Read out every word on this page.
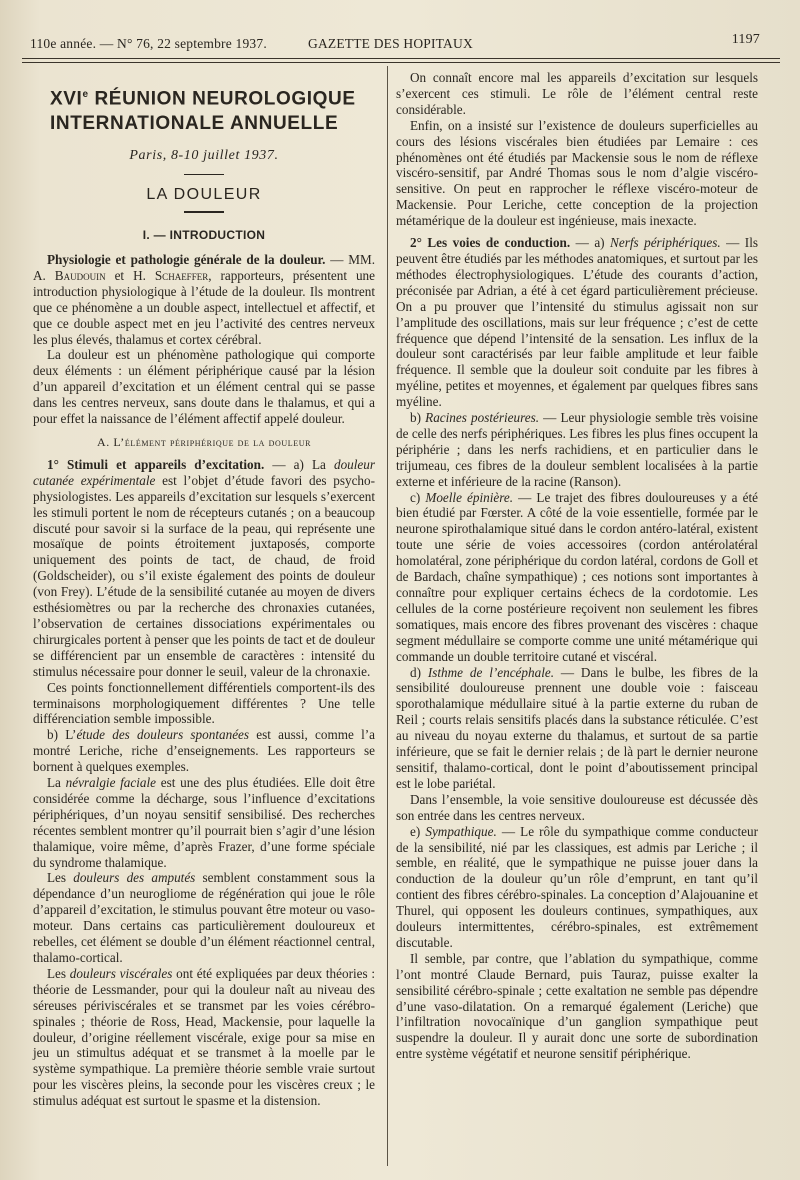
110e année. — N° 76, 22 septembre 1937.	GAZETTE DES HOPITAUX	1197
XVIe RÉUNION NEUROLOGIQUE
INTERNATIONALE ANNUELLE
Paris, 8-10 juillet 1937.
LA DOULEUR
I. — INTRODUCTION

Physiologie et pathologie générale de la douleur. — MM. A. Baudouin et H. Schaeffer, rapporteurs, présentent une introduction physiologique à l’étude de la douleur. Ils montrent que ce phénomène a un double aspect, intellectuel et affectif, et que ce double aspect met en jeu l’activité des centres nerveux les plus élevés, thalamus et cortex cérébral.

La douleur est un phénomène pathologique qui comporte deux éléments : un élément périphérique causé par la lésion d’un appareil d’excitation et un élément central qui se passe dans les centres nerveux, sans doute dans le thalamus, et qui a pour effet la naissance de l’élément affectif appelé douleur.

A. L’élément périphérique de la douleur

1° Stimuli et appareils d’excitation. — a) La douleur cutanée expérimentale est l’objet d’étude favori des psycho-physiologistes. Les appareils d’excitation sur lesquels s’exercent les stimuli portent le nom de récepteurs cutanés ; on a beaucoup discuté pour savoir si la surface de la peau, qui représente une mosaïque de points étroitement juxtaposés, comporte uniquement des points de tact, de chaud, de froid (Goldscheider), ou s’il existe également des points de douleur (von Frey). L’étude de la sensibilité cutanée au moyen de divers esthésiomètres ou par la recherche des chronaxies cutanées, l’observation de certaines dissociations expérimentales ou chirurgicales portent à penser que les points de tact et de douleur se différencient par un ensemble de caractères : intensité du stimulus nécessaire pour donner le seuil, valeur de la chronaxie.

Ces points fonctionnellement différentiels comportent-ils des terminaisons morphologiquement différentes ? Une telle différenciation semble impossible.

b) L’étude des douleurs spontanées est aussi, comme l’a montré Leriche, riche d’enseignements. Les rapporteurs se bornent à quelques exemples.

La névralgie faciale est une des plus étudiées. Elle doit être considérée comme la décharge, sous l’influence d’excitations périphériques, d’un noyau sensitif sensibilisé. Des recherches récentes semblent montrer qu’il pourrait bien s’agir d’une lésion thalamique, voire même, d’après Frazer, d’une forme spéciale du syndrome thalamique.

Les douleurs des amputés semblent constamment sous la dépendance d’un neurogliome de régénération qui joue le rôle d’appareil d’excitation, le stimulus pouvant être moteur ou vaso-moteur. Dans certains cas particulièrement douloureux et rebelles, cet élément se double d’un élément réactionnel central, thalamo-cortical.

Les douleurs viscérales ont été expliquées par deux théories : théorie de Lessmander, pour qui la douleur naît au niveau des séreuses périviscérales et se transmet par les voies cérébro-spinales ; théorie de Ross, Head, Mackensie, pour laquelle la douleur, d’origine réellement viscérale, exige pour sa mise en jeu un stimultus adéquat et se transmet à la moelle par le système sympathique. La première théorie semble vraie surtout pour les viscères pleins, la seconde pour les viscères creux ; le stimulus adéquat est surtout le spasme et la distension.

On connaît encore mal les appareils d’excitation sur lesquels s’exercent ces stimuli. Le rôle de l’élément central reste considérable.

Enfin, on a insisté sur l’existence de douleurs superficielles au cours des lésions viscérales bien étudiées par Lemaire : ces phénomènes ont été étudiés par Mackensie sous le nom de réflexe viscéro-sensitif, par André Thomas sous le nom d’algie viscéro-sensitive. On peut en rapprocher le réflexe viscéro-moteur de Mackensie. Pour Leriche, cette conception de la projection métamérique de la douleur est ingénieuse, mais inexacte.

2° Les voies de conduction. — a) Nerfs périphériques. — Ils peuvent être étudiés par les méthodes anatomiques, et surtout par les méthodes électrophysiologiques. L’étude des courants d’action, préconisée par Adrian, a été à cet égard particulièrement précieuse. On a pu prouver que l’intensité du stimulus agissait non sur l’amplitude des oscillations, mais sur leur fréquence ; c’est de cette fréquence que dépend l’intensité de la sensation. Les influx de la douleur sont caractérisés par leur faible amplitude et leur faible fréquence. Il semble que la douleur soit conduite par les fibres à myéline, petites et moyennes, et également par quelques fibres sans myéline.

b) Racines postérieures. — Leur physiologie semble très voisine de celle des nerfs périphériques. Les fibres les plus fines occupent la périphérie ; dans les nerfs rachidiens, et en particulier dans le trijumeau, ces fibres de la douleur semblent localisées à la partie externe et inférieure de la racine (Ranson).

c) Moelle épinière. — Le trajet des fibres douloureuses y a été bien étudié par Fœrster. A côté de la voie essentielle, formée par le neurone spirothalamique situé dans le cordon antéro-latéral, existent toute une série de voies accessoires (cordon antérolatéral homolatéral, zone périphérique du cordon latéral, cordons de Goll et de Bardach, chaîne sympathique) ; ces notions sont importantes à connaître pour expliquer certains échecs de la cordotomie. Les cellules de la corne postérieure reçoivent non seulement les fibres somatiques, mais encore des fibres provenant des viscères : chaque segment médullaire se comporte comme une unité métamérique qui commande un double territoire cutané et viscéral.

d) Isthme de l’encéphale. — Dans le bulbe, les fibres de la sensibilité douloureuse prennent une double voie : faisceau sporothalamique médullaire situé à la partie externe du ruban de Reil ; courts relais sensitifs placés dans la substance réticulée. C’est au niveau du noyau externe du thalamus, et surtout de sa partie inférieure, que se fait le dernier relais ; de là part le dernier neurone sensitif, thalamo-cortical, dont le point d’aboutissement principal est le lobe pariétal.

Dans l’ensemble, la voie sensitive douloureuse est décussée dès son entrée dans les centres nerveux.

e) Sympathique. — Le rôle du sympathique comme conducteur de la sensibilité, nié par les classiques, est admis par Leriche ; il semble, en réalité, que le sympathique ne puisse jouer dans la conduction de la douleur qu’un rôle d’emprunt, en tant qu’il contient des fibres cérébro-spinales. La conception d’Alajouanine et Thurel, qui opposent les douleurs continues, sympathiques, aux douleurs intermittentes, cérébro-spinales, est extrêmement discutable.

Il semble, par contre, que l’ablation du sympathique, comme l’ont montré Claude Bernard, puis Tauraz, puisse exalter la sensibilité cérébro-spinale ; cette exaltation ne semble pas dépendre d’une vaso-dilatation. On a remarqué également (Leriche) que l’infiltration novocaïnique d’un ganglion sympathique peut suspendre la douleur. Il y aurait donc une sorte de subordination entre système végétatif et neurone sensitif périphérique.
